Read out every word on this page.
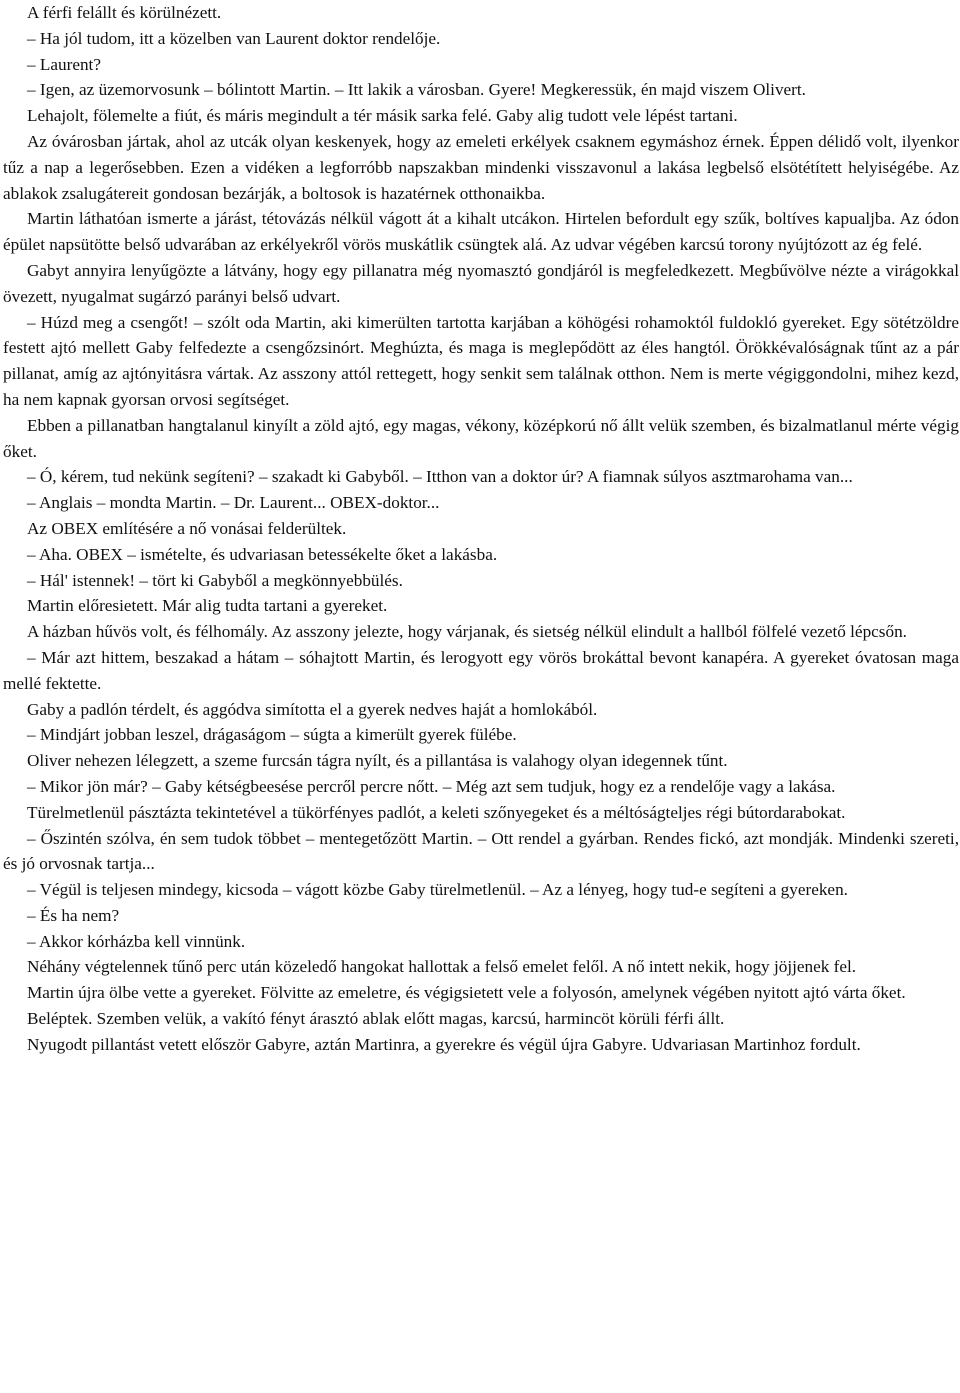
A férfi felállt és körülnézett.

– Ha jól tudom, itt a közelben van Laurent doktor rendelője.

– Laurent?

– Igen, az üzemorvosunk – bólintott Martin. – Itt lakik a városban. Gyere! Megkeressük, én majd viszem Olivert.

Lehajolt, fölemelte a fiút, és máris megindult a tér másik sarka felé. Gaby alig tudott vele lépést tartani.

Az óvárosban jártak, ahol az utcák olyan keskenyek, hogy az emeleti erkélyek csaknem egymáshoz érnek. Éppen délidő volt, ilyenkor tűz a nap a legerősebben. Ezen a vidéken a legforróbb napszakban mindenki visszavonul a lakása legbelső elsötétített helyiségébe. Az ablakok zsalugátereit gondosan bezárják, a boltosok is hazatérnek otthonaikba.

Martin láthatóan ismerte a járást, tétovázás nélkül vágott át a kihalt utcákon. Hirtelen befordult egy szűk, boltíves kapualjba. Az ódon épület napsütötte belső udvarában az erkélyekről vörös muskátlik csüngtek alá. Az udvar végében karcsú torony nyújtózott az ég felé.

Gabyt annyira lenyűgözte a látvány, hogy egy pillanatra még nyomasztó gondjáról is megfeledkezett. Megbűvölve nézte a virágokkal övezett, nyugalmat sugárzó parányi belső udvart.

– Húzd meg a csengőt! – szólt oda Martin, aki kimerülten tartotta karjában a köhögési rohamoktól fuldokló gyereket. Egy sötétzöldre festett ajtó mellett Gaby felfedezte a csengőzsinórt. Meghúzta, és maga is meglepődött az éles hangtól. Örökkévalóságnak tűnt az a pár pillanat, amíg az ajtónyitásra vártak. Az asszony attól rettegett, hogy senkit sem találnak otthon. Nem is merte végiggondolni, mihez kezd, ha nem kapnak gyorsan orvosi segítséget.

Ebben a pillanatban hangtalanul kinyílt a zöld ajtó, egy magas, vékony, középkorú nő állt velük szemben, és bizalmatlanul mérte végig őket.

– Ó, kérem, tud nekünk segíteni? – szakadt ki Gabyből. – Itthon van a doktor úr? A fiamnak súlyos asztmarohama van...

– Anglais – mondta Martin. – Dr. Laurent... OBEX-doktor...

Az OBEX említésére a nő vonásai felderültek.

– Aha. OBEX – ismételte, és udvariasan betessékelte őket a lakásba.

– Hál' istennek! – tört ki Gabyből a megkönnyebbülés.

Martin előresietett. Már alig tudta tartani a gyereket.

A házban hűvös volt, és félhomály. Az asszony jelezte, hogy várjanak, és sietség nélkül elindult a hallból fölfelé vezető lépcsőn.

– Már azt hittem, beszakad a hátam – sóhajtott Martin, és lerogyott egy vörös brokáttal bevont kanapéra. A gyereket óvatosan maga mellé fektette.

Gaby a padlón térdelt, és aggódva simította el a gyerek nedves haját a homlokából.

– Mindjárt jobban leszel, drágaságom – súgta a kimerült gyerek fülébe.

Oliver nehezen lélegzett, a szeme furcsán tágra nyílt, és a pillantása is valahogy olyan idegennek tűnt.

– Mikor jön már? – Gaby kétségbeesése percről percre nőtt. – Még azt sem tudjuk, hogy ez a rendelője vagy a lakása.

Türelmetlenül pásztázta tekintetével a tükörfényes padlót, a keleti szőnyegeket és a méltóságteljes régi bútordarabokat.

– Őszintén szólva, én sem tudok többet – mentegetőzött Martin. – Ott rendel a gyárban. Rendes fickó, azt mondják. Mindenki szereti, és jó orvosnak tartja...

– Végül is teljesen mindegy, kicsoda – vágott közbe Gaby türelmetlenül. – Az a lényeg, hogy tud-e segíteni a gyereken.

– És ha nem?

– Akkor kórházba kell vinnünk.

Néhány végtelennek tűnő perc után közeledő hangokat hallottak a felső emelet felől. A nő intett nekik, hogy jöjjenek fel.

Martin újra ölbe vette a gyereket. Fölvitte az emeletre, és végigsietett vele a folyosón, amelynek végében nyitott ajtó várta őket.

Beléptek. Szemben velük, a vakító fényt árasztó ablak előtt magas, karcsú, harmincöt körüli férfi állt.

Nyugodt pillantást vetett először Gabyre, aztán Martinra, a gyerekre és végül újra Gabyre. Udvariasan Martinhoz fordult.
